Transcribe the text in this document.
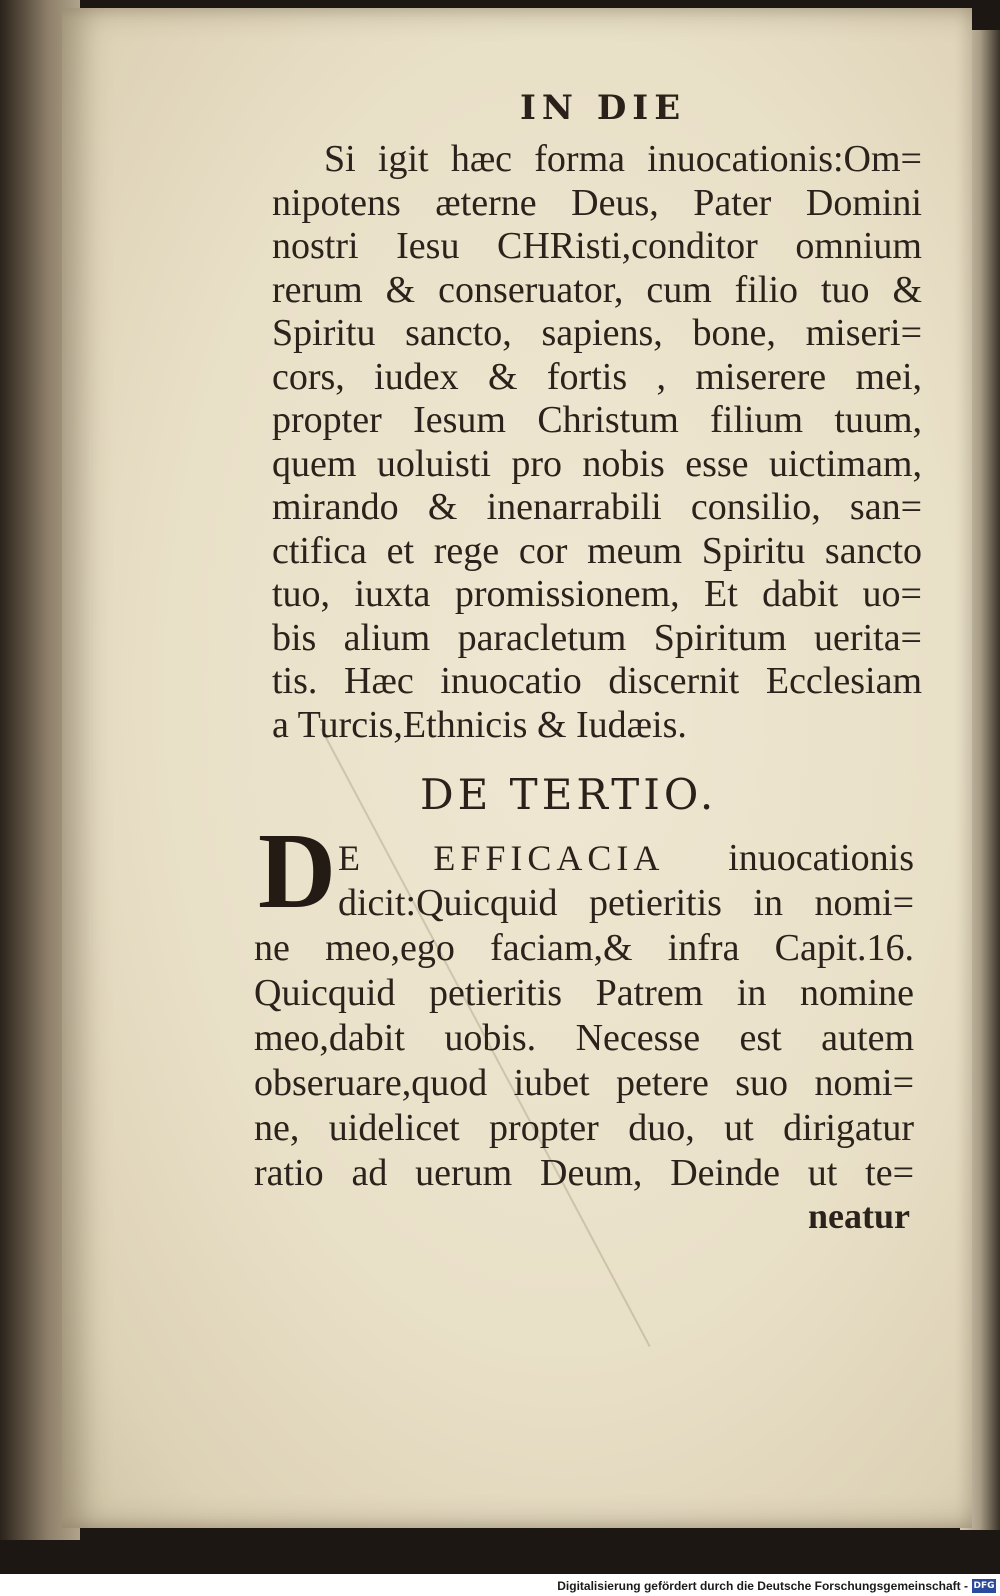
IN DIE
Si igit hæc forma inuocationis:Om=
nipotens æterne Deus, Pater Domini
nostri Iesu CHRisti,conditor omnium
rerum & conseruator, cum filio tuo &
Spiritu sancto, sapiens, bone, miseri=
cors, iudex & fortis , miserere mei,
propter Iesum Christum filium tuum,
quem uoluisti pro nobis esse uictimam,
mirando & inenarrabili consilio, san=
ctifica et rege cor meum Spiritu sancto
tuo, iuxta promissionem, Et dabit uo=
bis alium paracletum Spiritum ueritа=
tis. Hæc inuocatio discernit Ecclesiam
a Turcis,Ethnicis & Iudæis.
DE TERTIO.
D E EFFICACIA inuocationis
dicit:Quicquid petieritis in nomi=
ne meo,ego faciam,& infra Capit.16.
Quicquid petieritis Patrem in nomine
meo,dabit uobis. Necesse est autem
obseruare,quod iubet petere suo nomi=
ne, uidelicet propter duo, ut dirigatur
ratio ad uerum Deum, Deinde ut te=
neatur
Digitalisierung gefördert durch die Deutsche Forschungsgemeinschaft - DFG
